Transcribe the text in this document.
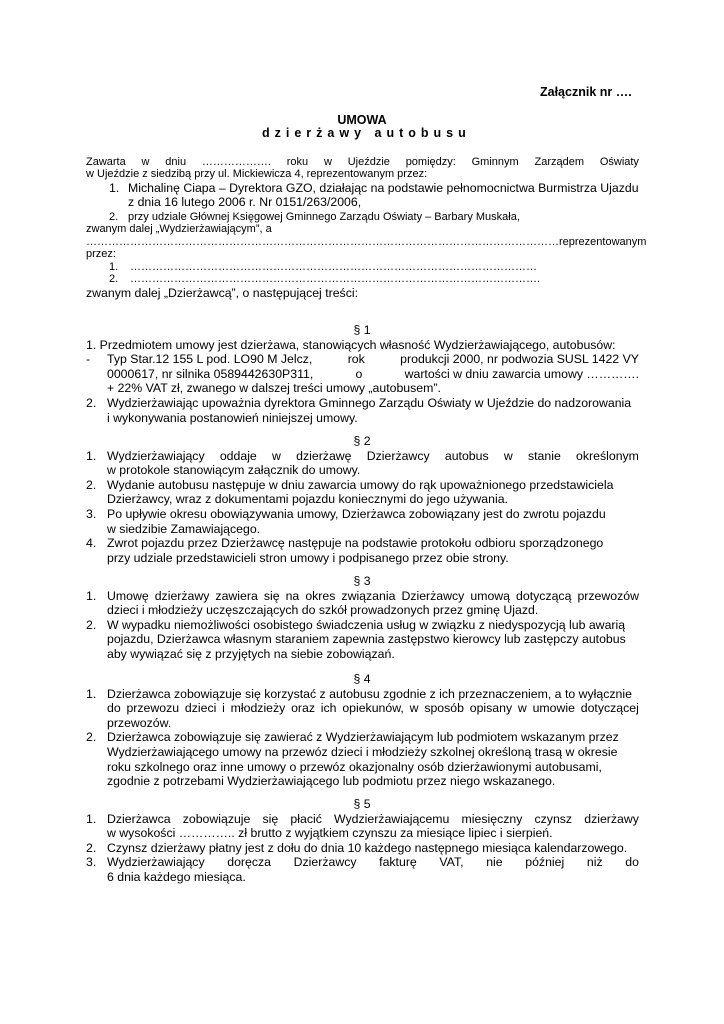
Załącznik nr ….
UMOWA
dzierżawy autobusu
Zawarta w dniu ………………. roku w Ujeździe pomiędzy: Gminnym Zarządem Oświaty
w Ujeździe z siedzibą przy ul. Mickiewicza 4, reprezentowanym przez:
1. Michalinę Ciapa – Dyrektora GZO, działając na podstawie pełnomocnictwa Burmistrza Ujazdu
z dnia 16 lutego 2006 r. Nr 0151/263/2006,
2. przy udziale Głównej Księgowej Gminnego Zarządu Oświaty – Barbary Muskała,
zwanym dalej „Wydzierżawiającym”, a
…………………………………………………………………………………………………………………reprezentowanym
przez:
1. …………………………………………………………………………………………………
2. ………………………………………………………………………………………………….
zwanym dalej „Dzierżawcą”, o następującej treści:
§ 1
1. Przedmiotem umowy jest dzierżawa, stanowiących własność Wydzierżawiającego, autobusów:
- Typ Star.12 155 L pod. LO90 M Jelcz,	rok	produkcji 2000, nr podwozia SUSL 1422 VY
0000617, nr silnika 0589442630P311,	o	wartości w dniu zawarcia umowy ………….
+ 22% VAT zł, zwanego w dalszej treści umowy „autobusem”.
2. Wydzierżawiając upoważnia dyrektora Gminnego Zarządu Oświaty w Ujeździe do nadzorowania
i wykonywania postanowień niniejszej umowy.
§ 2
1. Wydzierżawiający oddaje w dzierżawę Dzierżawcy autobus w stanie określonym
w protokole stanowiącym załącznik do umowy.
2. Wydanie autobusu następuje w dniu zawarcia umowy do rąk upoważnionego przedstawiciela
Dzierżawcy, wraz z dokumentami pojazdu koniecznymi do jego używania.
3. Po upływie okresu obowiązywania umowy, Dzierżawca zobowiązany jest do zwrotu pojazdu
w siedzibie Zamawiającego.
4. Zwrot pojazdu przez Dzierżawcę następuje na podstawie protokołu odbioru sporządzonego
przy udziale przedstawicieli stron umowy i podpisanego przez obie strony.
§ 3
1. Umowę dzierżawy zawiera się na okres związania Dzierżawcy umową dotyczącą przewozów
dzieci i młodzieży uczęszczających do szkół prowadzonych przez gminę Ujazd.
2. W wypadku niemożliwości osobistego świadczenia usług w związku z niedyspozycją lub awarią
pojazdu, Dzierżawca własnym staraniem zapewnia zastępstwo kierowcy lub zastępczy autobus
aby wywiązać się z przyjętych na siebie zobowiązań.
§ 4
1. Dzierżawca zobowiązuje się korzystać z autobusu zgodnie z ich przeznaczeniem, a to wyłącznie
do przewozu dzieci i młodzieży oraz ich opiekunów, w sposób opisany w umowie dotyczącej
przewozów.
2. Dzierżawca zobowiązuje się zawierać z Wydzierżawiającym lub podmiotem wskazanym przez
Wydzierżawiającego umowy na przewóz dzieci i młodzieży szkolnej określoną trasą w okresie
roku szkolnego oraz inne umowy o przewóz okazjonalny osób dzierżawionymi autobusami,
zgodnie z potrzebami Wydzierżawiającego lub podmiotu przez niego wskazanego.
§ 5
1. Dzierżawca zobowiązuje się płacić Wydzierżawiającemu miesięczny czynsz dzierżawy
w wysokości ………….. zł brutto z wyjątkiem czynszu za miesiące lipiec i sierpień.
2. Czynsz dzierżawy płatny jest z dołu do dnia 10 każdego następnego miesiąca kalendarzowego.
3. Wydzierżawiający doręcza Dzierżawcy fakturę VAT, nie później niż do
6 dnia każdego miesiąca.
